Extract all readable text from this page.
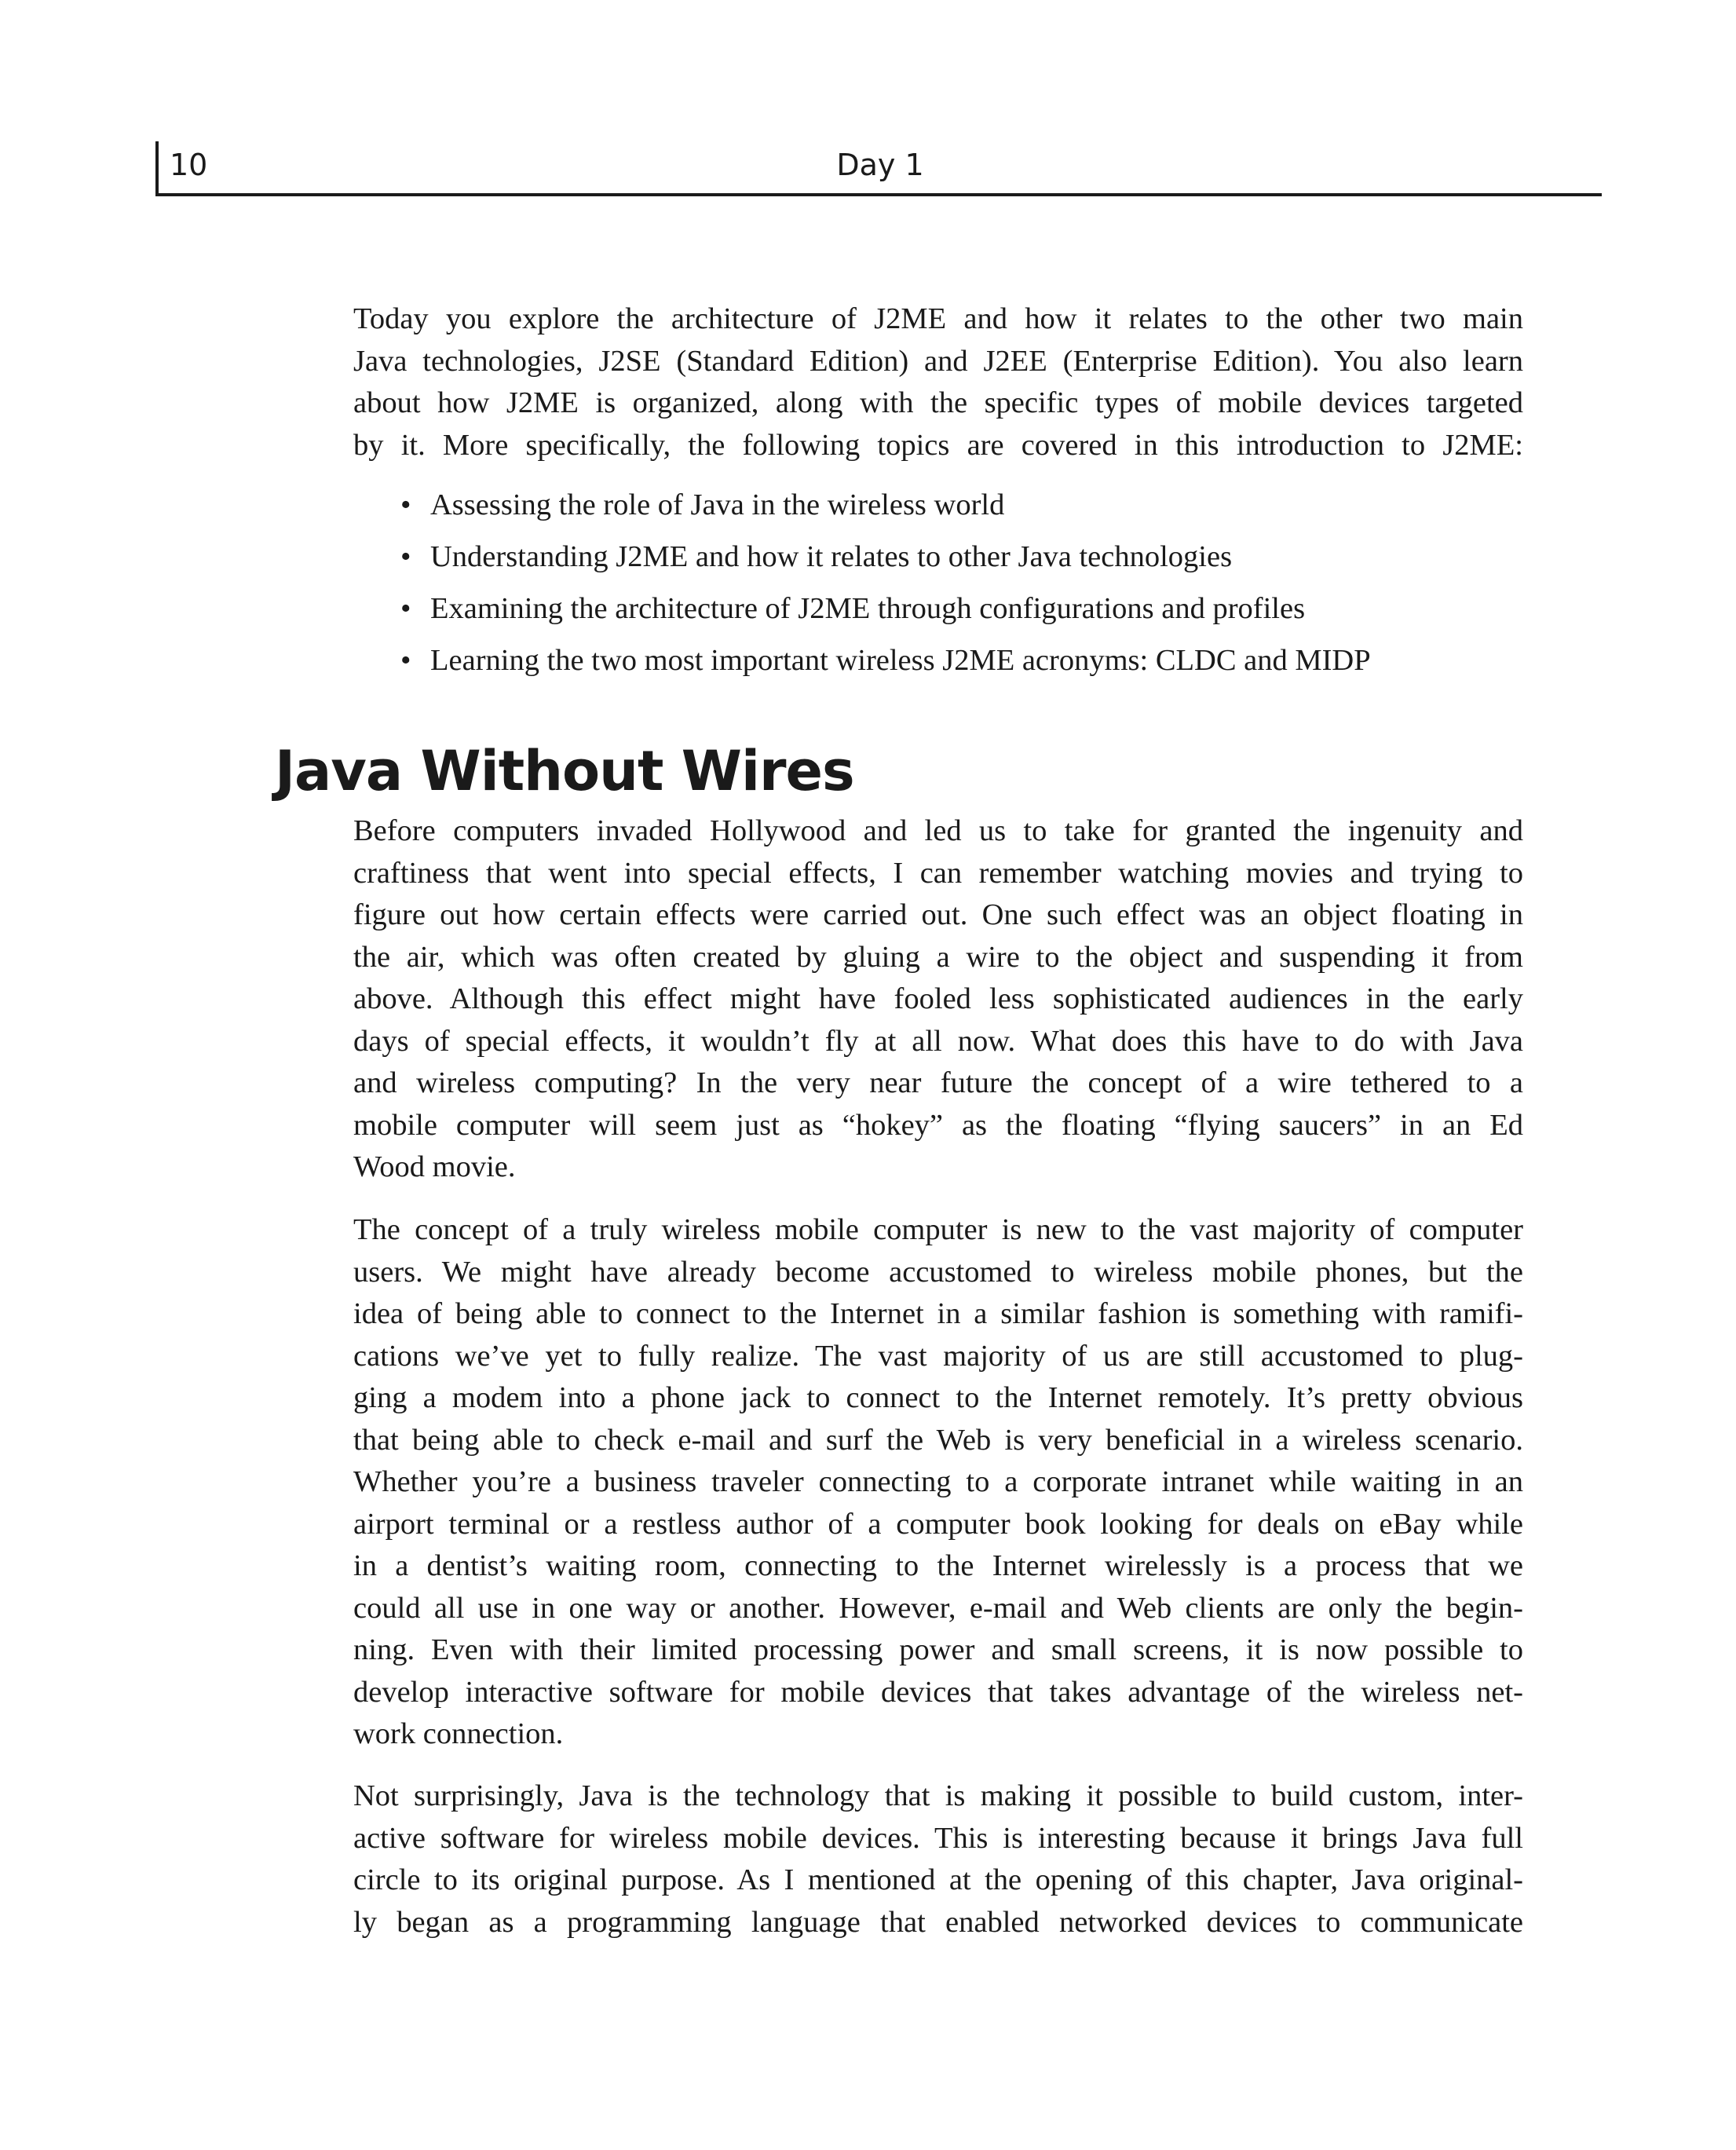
10	Day 1

Today you explore the architecture of J2ME and how it relates to the other two main
Java technologies, J2SE (Standard Edition) and J2EE (Enterprise Edition). You also learn
about how J2ME is organized, along with the specific types of mobile devices targeted
by it. More specifically, the following topics are covered in this introduction to J2ME:

• Assessing the role of Java in the wireless world
• Understanding J2ME and how it relates to other Java technologies
• Examining the architecture of J2ME through configurations and profiles
• Learning the two most important wireless J2ME acronyms: CLDC and MIDP
Java Without Wires

Before computers invaded Hollywood and led us to take for granted the ingenuity and
craftiness that went into special effects, I can remember watching movies and trying to
figure out how certain effects were carried out. One such effect was an object floating in
the air, which was often created by gluing a wire to the object and suspending it from
above. Although this effect might have fooled less sophisticated audiences in the early
days of special effects, it wouldn’t fly at all now. What does this have to do with Java
and wireless computing? In the very near future the concept of a wire tethered to a
mobile computer will seem just as “hokey” as the floating “flying saucers” in an Ed
Wood movie.

The concept of a truly wireless mobile computer is new to the vast majority of computer
users. We might have already become accustomed to wireless mobile phones, but the
idea of being able to connect to the Internet in a similar fashion is something with ramifi-
cations we’ve yet to fully realize. The vast majority of us are still accustomed to plug-
ging a modem into a phone jack to connect to the Internet remotely. It’s pretty obvious
that being able to check e-mail and surf the Web is very beneficial in a wireless scenario.
Whether you’re a business traveler connecting to a corporate intranet while waiting in an
airport terminal or a restless author of a computer book looking for deals on eBay while
in a dentist’s waiting room, connecting to the Internet wirelessly is a process that we
could all use in one way or another. However, e-mail and Web clients are only the begin-
ning. Even with their limited processing power and small screens, it is now possible to
develop interactive software for mobile devices that takes advantage of the wireless net-
work connection.

Not surprisingly, Java is the technology that is making it possible to build custom, inter-
active software for wireless mobile devices. This is interesting because it brings Java full
circle to its original purpose. As I mentioned at the opening of this chapter, Java original-
ly began as a programming language that enabled networked devices to communicate
